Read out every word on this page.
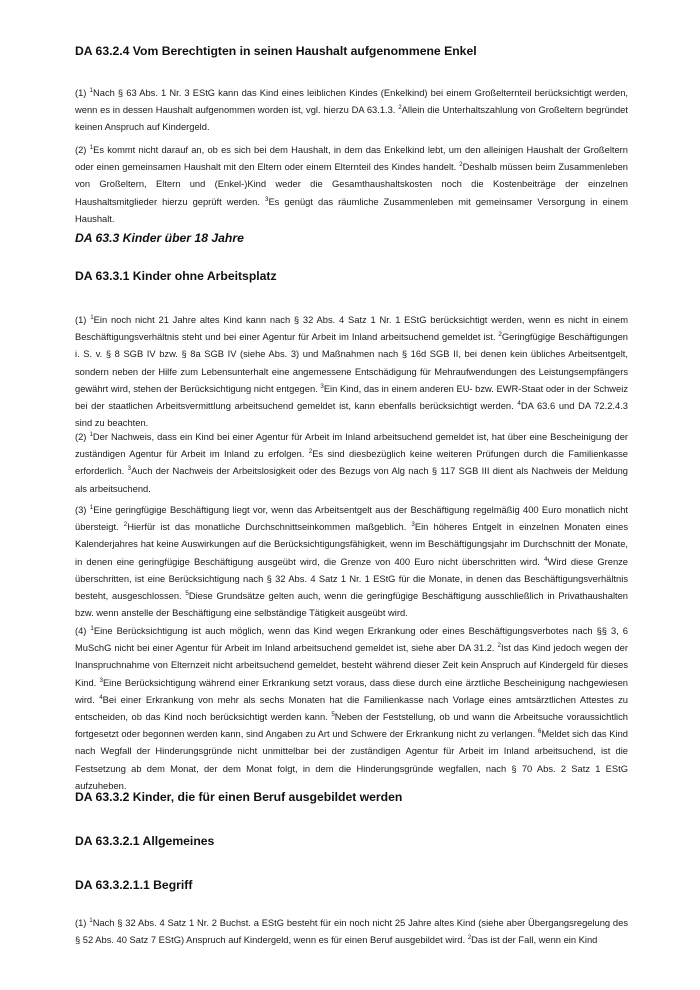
DA 63.2.4 Vom Berechtigten in seinen Haushalt aufgenommene Enkel

(1) $^1$Nach § 63 Abs. 1 Nr. 3 EStG kann das Kind eines leiblichen Kindes (Enkelkind) bei einem Großelternteil berücksichtigt werden, wenn es in dessen Haushalt aufgenommen worden ist, vgl. hierzu DA 63.1.3. $^2$Allein die Unterhaltszahlung von Großeltern begründet keinen Anspruch auf Kindergeld.

(2) $^1$Es kommt nicht darauf an, ob es sich bei dem Haushalt, in dem das Enkelkind lebt, um den alleinigen Haushalt der Großeltern oder einen gemeinsamen Haushalt mit den Eltern oder einem Elternteil des Kindes handelt. $^2$Deshalb müssen beim Zusammenleben von Großeltern, Eltern und (Enkel-)Kind weder die Gesamthaushaltskosten noch die Kostenbeiträge der einzelnen Haushaltsmitglieder hierzu geprüft werden. $^3$Es genügt das räumliche Zusammenleben mit gemeinsamer Versorgung in einem Haushalt.

DA 63.3 Kinder über 18 Jahre
DA 63.3.1 Kinder ohne Arbeitsplatz

(1) $^1$Ein noch nicht 21 Jahre altes Kind kann nach § 32 Abs. 4 Satz 1 Nr. 1 EStG berücksichtigt werden, wenn es nicht in einem Beschäftigungsverhältnis steht und bei einer Agentur für Arbeit im Inland arbeitsuchend gemeldet ist. $^2$Geringfügige Beschäftigungen i. S. v. § 8 SGB IV bzw. § 8a SGB IV (siehe Abs. 3) und Maßnahmen nach § 16d SGB II, bei denen kein übliches Arbeitsentgelt, sondern neben der Hilfe zum Lebensunterhalt eine angemessene Entschädigung für Mehraufwendungen des Leistungsempfängers gewährt wird, stehen der Berücksichtigung nicht entgegen. $^3$Ein Kind, das in einem anderen EU- bzw. EWR-Staat oder in der Schweiz bei der staatlichen Arbeitsvermittlung arbeitsuchend gemeldet ist, kann ebenfalls berücksichtigt werden. $^4$DA 63.6 und DA 72.2.4.3 sind zu beachten.

(2) $^1$Der Nachweis, dass ein Kind bei einer Agentur für Arbeit im Inland arbeitsuchend gemeldet ist, hat über eine Bescheinigung der zuständigen Agentur für Arbeit im Inland zu erfolgen. $^2$Es sind diesbezüglich keine weiteren Prüfungen durch die Familienkasse erforderlich. $^3$Auch der Nachweis der Arbeitslosigkeit oder des Bezugs von Alg nach § 117 SGB III dient als Nachweis der Meldung als arbeitsuchend.

(3) $^1$Eine geringfügige Beschäftigung liegt vor, wenn das Arbeitsentgelt aus der Beschäftigung regelmäßig 400 Euro monatlich nicht übersteigt. $^2$Hierfür ist das monatliche Durchschnittseinkommen maßgeblich. $^3$Ein höheres Entgelt in einzelnen Monaten eines Kalenderjahres hat keine Auswirkungen auf die Berücksichtigungsfähigkeit, wenn im Beschäftigungsjahr im Durchschnitt der Monate, in denen eine geringfügige Beschäftigung ausgeübt wird, die Grenze von 400 Euro nicht überschritten wird. $^4$Wird diese Grenze überschritten, ist eine Berücksichtigung nach § 32 Abs. 4 Satz 1 Nr. 1 EStG für die Monate, in denen das Beschäftigungsverhältnis besteht, ausgeschlossen. $^5$Diese Grundsätze gelten auch, wenn die geringfügige Beschäftigung ausschließlich in Privathaushalten bzw. wenn anstelle der Beschäftigung eine selbständige Tätigkeit ausgeübt wird.

(4) $^1$Eine Berücksichtigung ist auch möglich, wenn das Kind wegen Erkrankung oder eines Beschäftigungsverbotes nach §§ 3, 6 MuSchG nicht bei einer Agentur für Arbeit im Inland arbeitsuchend gemeldet ist, siehe aber DA 31.2. $^2$Ist das Kind jedoch wegen der Inanspruchnahme von Elternzeit nicht arbeitsuchend gemeldet, besteht während dieser Zeit kein Anspruch auf Kindergeld für dieses Kind. $^3$Eine Berücksichtigung während einer Erkrankung setzt voraus, dass diese durch eine ärztliche Bescheinigung nachgewiesen wird. $^4$Bei einer Erkrankung von mehr als sechs Monaten hat die Familienkasse nach Vorlage eines amtsärztlichen Attestes zu entscheiden, ob das Kind noch berücksichtigt werden kann. $^5$Neben der Feststellung, ob und wann die Arbeitsuche voraussichtlich fortgesetzt oder begonnen werden kann, sind Angaben zu Art und Schwere der Erkrankung nicht zu verlangen. $^6$Meldet sich das Kind nach Wegfall der Hinderungsgründe nicht unmittelbar bei der zuständigen Agentur für Arbeit im Inland arbeitsuchend, ist die Festsetzung ab dem Monat, der dem Monat folgt, in dem die Hinderungsgründe wegfallen, nach § 70 Abs. 2 Satz 1 EStG aufzuheben.

DA 63.3.2 Kinder, die für einen Beruf ausgebildet werden
DA 63.3.2.1 Allgemeines
DA 63.3.2.1.1 Begriff

(1) $^1$Nach § 32 Abs. 4 Satz 1 Nr. 2 Buchst. a EStG besteht für ein noch nicht 25 Jahre altes Kind (siehe aber Übergangsregelung des § 52 Abs. 40 Satz 7 EStG) Anspruch auf Kindergeld, wenn es für einen Beruf ausgebildet wird. $^2$Das ist der Fall, wenn ein Kind
